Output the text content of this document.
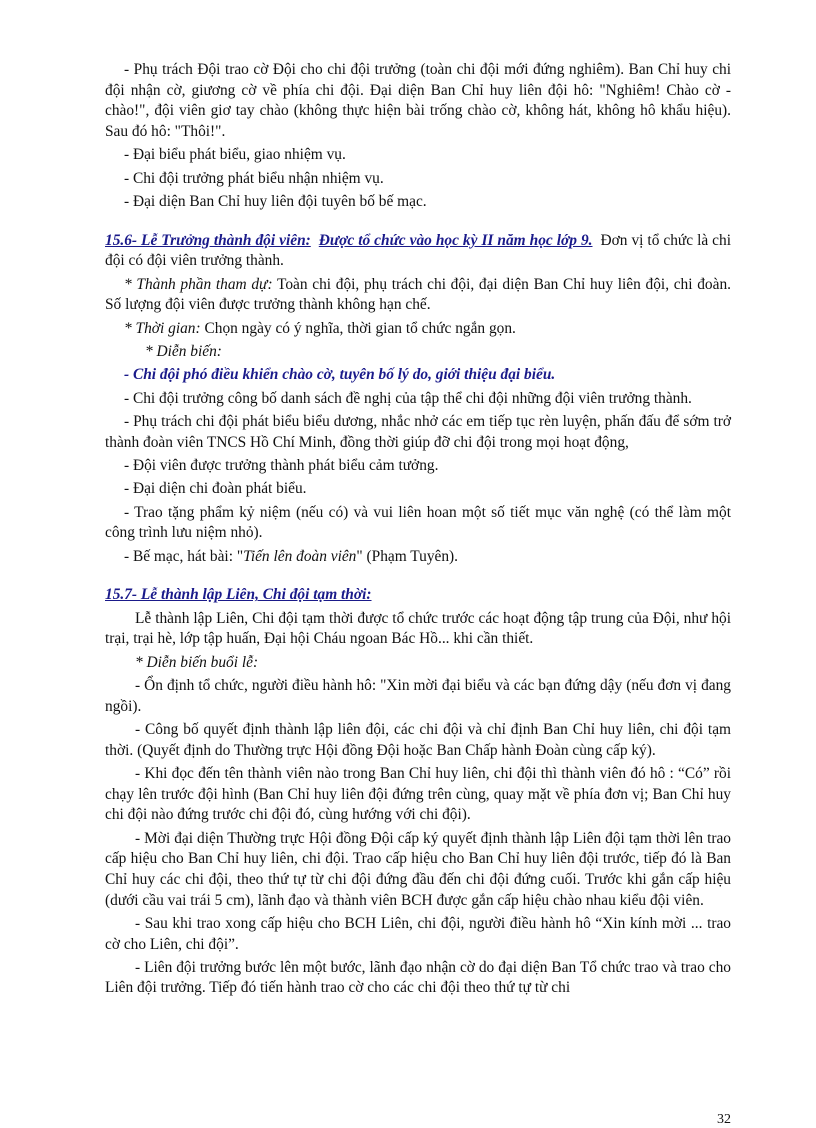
- Phụ trách Đội trao cờ Đội cho chi đội trưởng (toàn chi đội mới đứng nghiêm). Ban Chỉ huy chi đội nhận cờ, giương cờ về phía chi đội. Đại diện Ban Chỉ huy liên đội hô: "Nghiêm! Chào cờ - chào!", đội viên giơ tay chào (không thực hiện bài trống chào cờ, không hát, không hô khẩu hiệu). Sau đó hô: "Thôi!".

- Đại biểu phát biểu, giao nhiệm vụ.

- Chi đội trưởng phát biểu nhận nhiệm vụ.

- Đại diện Ban Chỉ huy liên đội tuyên bố bế mạc.

15.6- Lễ Trưởng thành đội viên: Được tổ chức vào học kỳ II năm học lớp 9. Đơn vị tổ chức là chi đội có đội viên trưởng thành.

* Thành phần tham dự: Toàn chi đội, phụ trách chi đội, đại diện Ban Chỉ huy liên đội, chi đoàn. Số lượng đội viên được trưởng thành không hạn chế.

* Thời gian: Chọn ngày có ý nghĩa, thời gian tổ chức ngắn gọn.

* Diễn biến:

- Chi đội phó điều khiển chào cờ, tuyên bố lý do, giới thiệu đại biểu.

- Chi đội trưởng công bố danh sách đề nghị của tập thể chi đội những đội viên trưởng thành.

- Phụ trách chi đội phát biểu biểu dương, nhắc nhở các em tiếp tục rèn luyện, phấn đấu để sớm trở thành đoàn viên TNCS Hồ Chí Minh, đồng thời giúp đỡ chi đội trong mọi hoạt động,

- Đội viên được trưởng thành phát biểu cảm tưởng.

- Đại diện chi đoàn phát biểu.

- Trao tặng phẩm kỷ niệm (nếu có) và vui liên hoan một số tiết mục văn nghệ (có thể làm một công trình lưu niệm nhỏ).

- Bế mạc, hát bài: "Tiến lên đoàn viên" (Phạm Tuyên).

15.7- Lễ thành lập Liên, Chi đội tạm thời:

Lễ thành lập Liên, Chi đội tạm thời được tổ chức trước các hoạt động tập trung của Đội, như hội trại, trại hè, lớp tập huấn, Đại hội Cháu ngoan Bác Hồ... khi cần thiết.

* Diễn biến buổi lễ:

- Ổn định tổ chức, người điều hành hô: "Xin mời đại biểu và các bạn đứng dậy (nếu đơn vị đang ngồi).

- Công bố quyết định thành lập liên đội, các chi đội và chỉ định Ban Chỉ huy liên, chi đội tạm thời. (Quyết định do Thường trực Hội đồng Đội hoặc Ban Chấp hành Đoàn cùng cấp ký).

- Khi đọc đến tên thành viên nào trong Ban Chỉ huy liên, chi đội thì thành viên đó hô : “Có” rồi chạy lên trước đội hình (Ban Chỉ huy liên đội đứng trên cùng, quay mặt về phía đơn vị; Ban Chỉ huy chi đội nào đứng trước chi đội đó, cùng hướng với chi đội).

- Mời đại diện Thường trực Hội đồng Đội cấp ký quyết định thành lập Liên đội tạm thời lên trao cấp hiệu cho Ban Chỉ huy liên, chi đội. Trao cấp hiệu cho Ban Chỉ huy liên đội trước, tiếp đó là Ban Chỉ huy các chi đội, theo thứ tự từ chi đội đứng đầu đến chi đội đứng cuối. Trước khi gắn cấp hiệu (dưới cầu vai trái 5 cm), lãnh đạo và thành viên BCH được gắn cấp hiệu chào nhau kiểu đội viên.

- Sau khi trao xong cấp hiệu cho BCH Liên, chi đội, người điều hành hô “Xin kính mời ... trao cờ cho Liên, chi đội”.

- Liên đội trưởng bước lên một bước, lãnh đạo nhận cờ do đại diện Ban Tổ chức trao và trao cho Liên đội trưởng. Tiếp đó tiến hành trao cờ cho các chi đội theo thứ tự từ chi

32
